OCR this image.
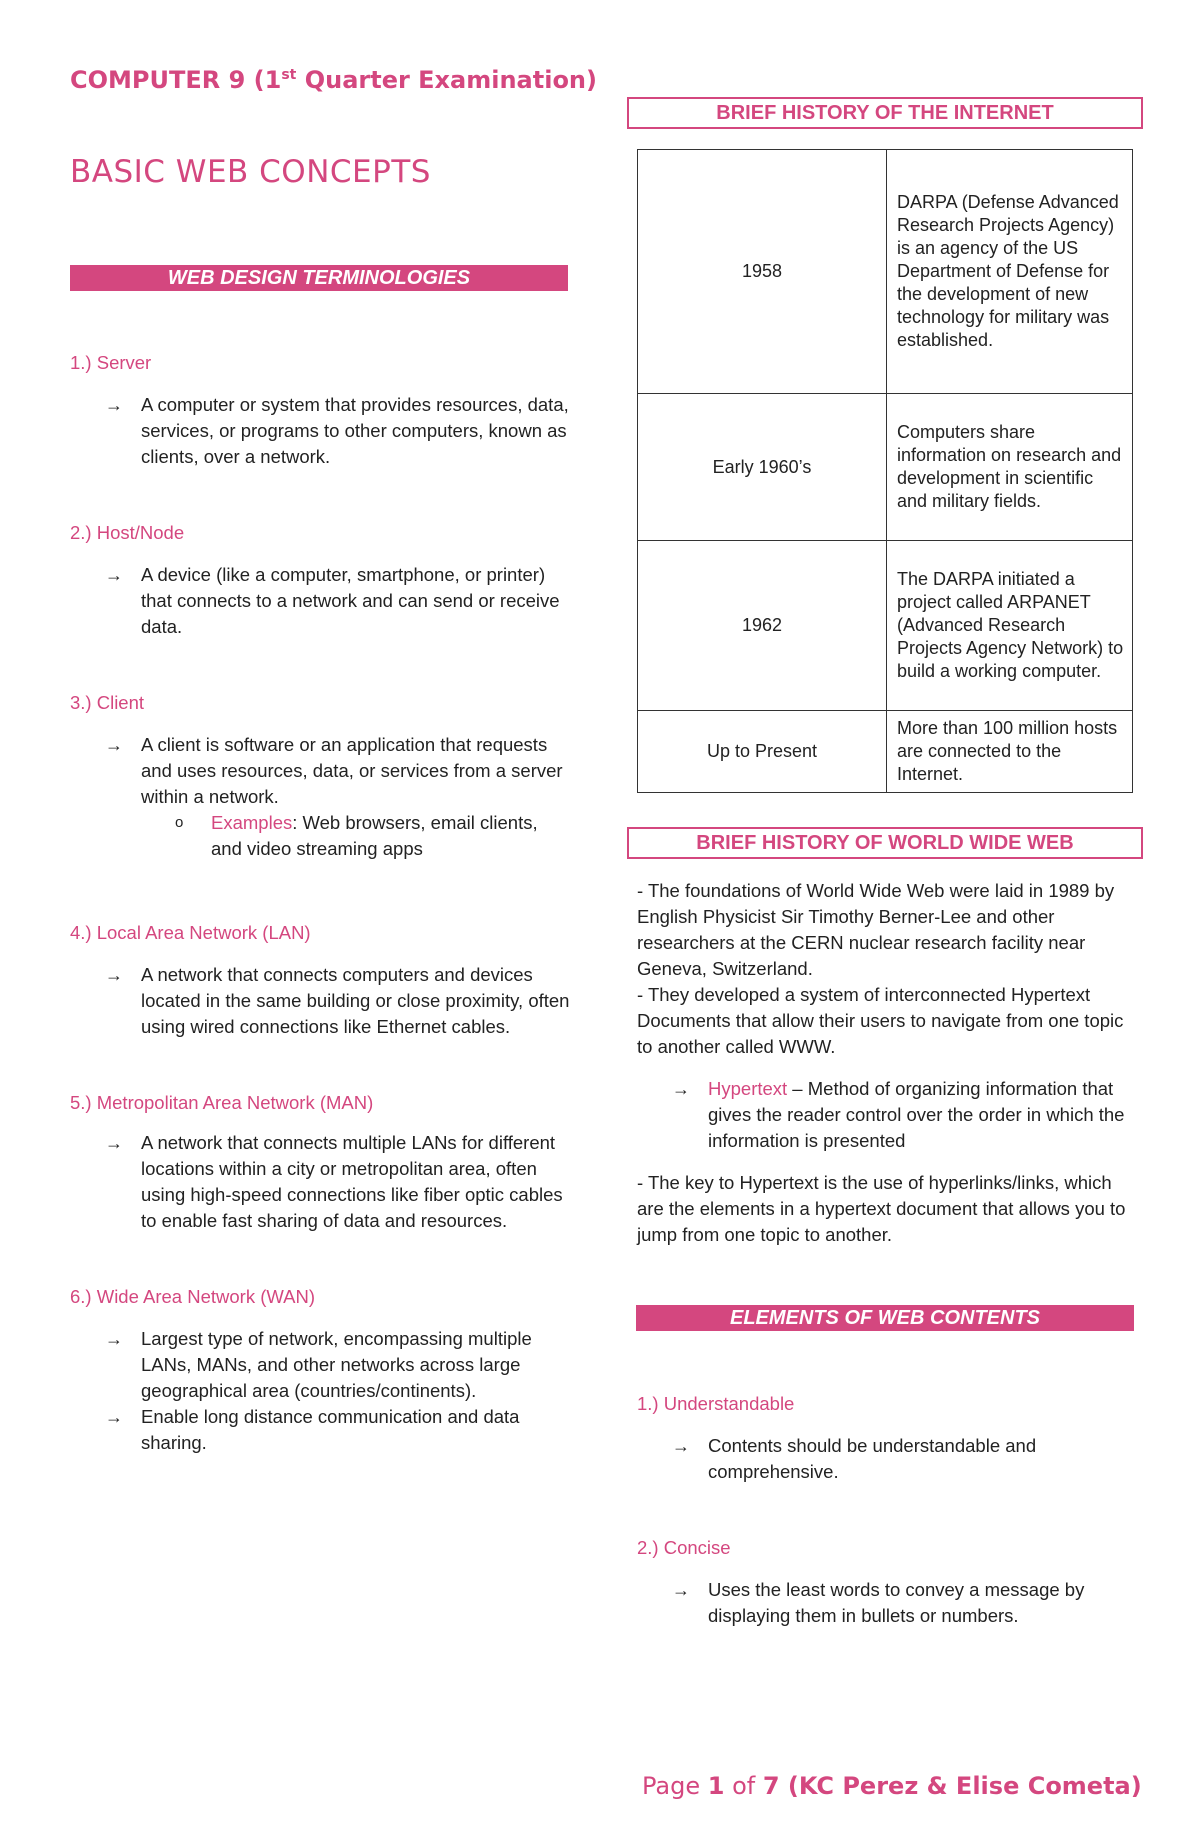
COMPUTER 9 (1st Quarter Examination)
BASIC WEB CONCEPTS
WEB DESIGN TERMINOLOGIES
1.) Server
→ A computer or system that provides resources, data, services, or programs to other computers, known as clients, over a network.
2.) Host/Node
→ A device (like a computer, smartphone, or printer) that connects to a network and can send or receive data.
3.) Client
→ A client is software or an application that requests and uses resources, data, or services from a server within a network.
o Examples: Web browsers, email clients, and video streaming apps
4.) Local Area Network (LAN)
→ A network that connects computers and devices located in the same building or close proximity, often using wired connections like Ethernet cables.
5.) Metropolitan Area Network (MAN)
→ A network that connects multiple LANs for different locations within a city or metropolitan area, often using high-speed connections like fiber optic cables to enable fast sharing of data and resources.
6.) Wide Area Network (WAN)
→ Largest type of network, encompassing multiple LANs, MANs, and other networks across large geographical area (countries/continents).
→ Enable long distance communication and data sharing.
BRIEF HISTORY OF THE INTERNET
1958	DARPA (Defense Advanced Research Projects Agency) is an agency of the US Department of Defense for the development of new technology for military was established.
Early 1960’s	Computers share information on research and development in scientific and military fields.
1962	The DARPA initiated a project called ARPANET (Advanced Research Projects Agency Network) to build a working computer.
Up to Present	More than 100 million hosts are connected to the Internet.
BRIEF HISTORY OF WORLD WIDE WEB

- The foundations of World Wide Web were laid in 1989 by English Physicist Sir Timothy Berner-Lee and other researchers at the CERN nuclear research facility near Geneva, Switzerland.

- They developed a system of interconnected Hypertext Documents that allow their users to navigate from one topic to another called WWW.

→ Hypertext – Method of organizing information that gives the reader control over the order in which the information is presented

- The key to Hypertext is the use of hyperlinks/links, which are the elements in a hypertext document that allows you to jump from one topic to another.

ELEMENTS OF WEB CONTENTS
1.) Understandable
→ Contents should be understandable and comprehensive.
2.) Concise
→ Uses the least words to convey a message by displaying them in bullets or numbers.
Page 1 of 7 (KC Perez & Elise Cometa)
